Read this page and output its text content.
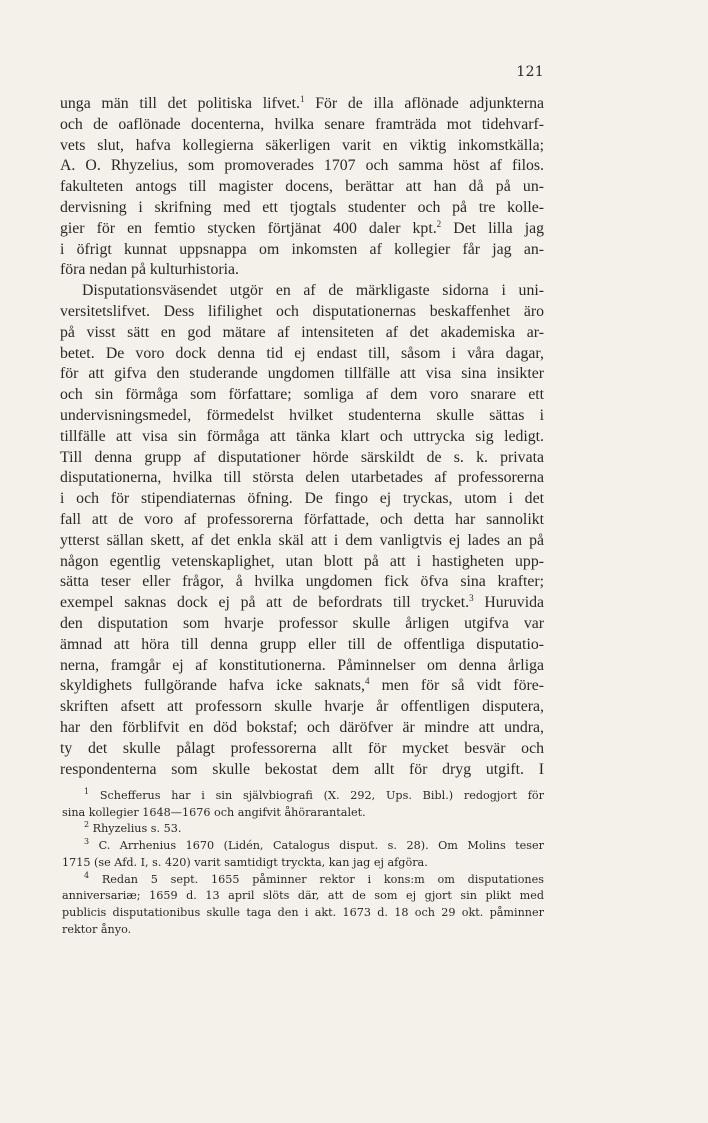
121
unga män till det politiska lifvet.$^1$ För de illa aflönade adjunkterna
och de oaflönade docenterna, hvilka senare framträda mot tidehvarf-
vets slut, hafva kollegierna säkerligen varit en viktig inkomstkälla;
A. O. Rhyzelius, som promoverades 1707 och samma höst af filos.
fakulteten antogs till magister docens, berättar att han då på un-
dervisning i skrifning med ett tjogtals studenter och på tre kolle-
gier för en femtio stycken förtjänat 400 daler kpt.$^2$ Det lilla jag
i öfrigt kunnat uppsnappa om inkomsten af kollegier får jag an-
föra nedan på kulturhistoria.
Disputationsväsendet utgör en af de märkligaste sidorna i uni-
versitetslifvet. Dess lifilighet och disputationernas beskaffenhet äro
på visst sätt en god mätare af intensiteten af det akademiska ar-
betet. De voro dock denna tid ej endast till, såsom i våra dagar,
för att gifva den studerande ungdomen tillfälle att visa sina insikter
och sin förmåga som författare; somliga af dem voro snarare ett
undervisningsmedel, förmedelst hvilket studenterna skulle sättas i
tillfälle att visa sin förmåga att tänka klart och uttrycka sig ledigt.
Till denna grupp af disputationer hörde särskildt de s. k. privata
disputationerna, hvilka till största delen utarbetades af professorerna
i och för stipendiaternas öfning. De fingo ej tryckas, utom i det
fall att de voro af professorerna författade, och detta har sannolikt
ytterst sällan skett, af det enkla skäl att i dem vanligtvis ej lades an på
någon egentlig vetenskaplighet, utan blott på att i hastigheten upp-
sätta teser eller frågor, å hvilka ungdomen fick öfva sina krafter;
exempel saknas dock ej på att de befordrats till trycket.$^3$ Huruvida
den disputation som hvarje professor skulle årligen utgifva var
ämnad att höra till denna grupp eller till de offentliga disputatio-
nerna, framgår ej af konstitutionerna. Påminnelser om denna årliga
skyldighets fullgörande hafva icke saknats,$^4$ men för så vidt före-
skriften afsett att professorn skulle hvarje år offentligen disputera,
har den förblifvit en död bokstaf; och däröfver är mindre att undra,
ty det skulle pålagt professorerna allt för mycket besvär och
respondenterna som skulle bekostat dem allt för dryg utgift. I
$^1$ Schefferus har i sin självbiografi (X. 292, Ups. Bibl.) redogjort för
sina kollegier 1648—1676 och angifvit åhörarantalet.
$^2$ Rhyzelius s. 53.
$^3$ C. Arrhenius 1670 (Lidén, Catalogus disput. s. 28). Om Molins teser
1715 (se Afd. I, s. 420) varit samtidigt tryckta, kan jag ej afgöra.
$^4$ Redan 5 sept. 1655 påminner rektor i kons:m om disputationes
anniversariæ; 1659 d. 13 april slöts där, att de som ej gjort sin plikt med
publicis disputationibus skulle taga den i akt. 1673 d. 18 och 29 okt. påminner
rektor ånyo.
